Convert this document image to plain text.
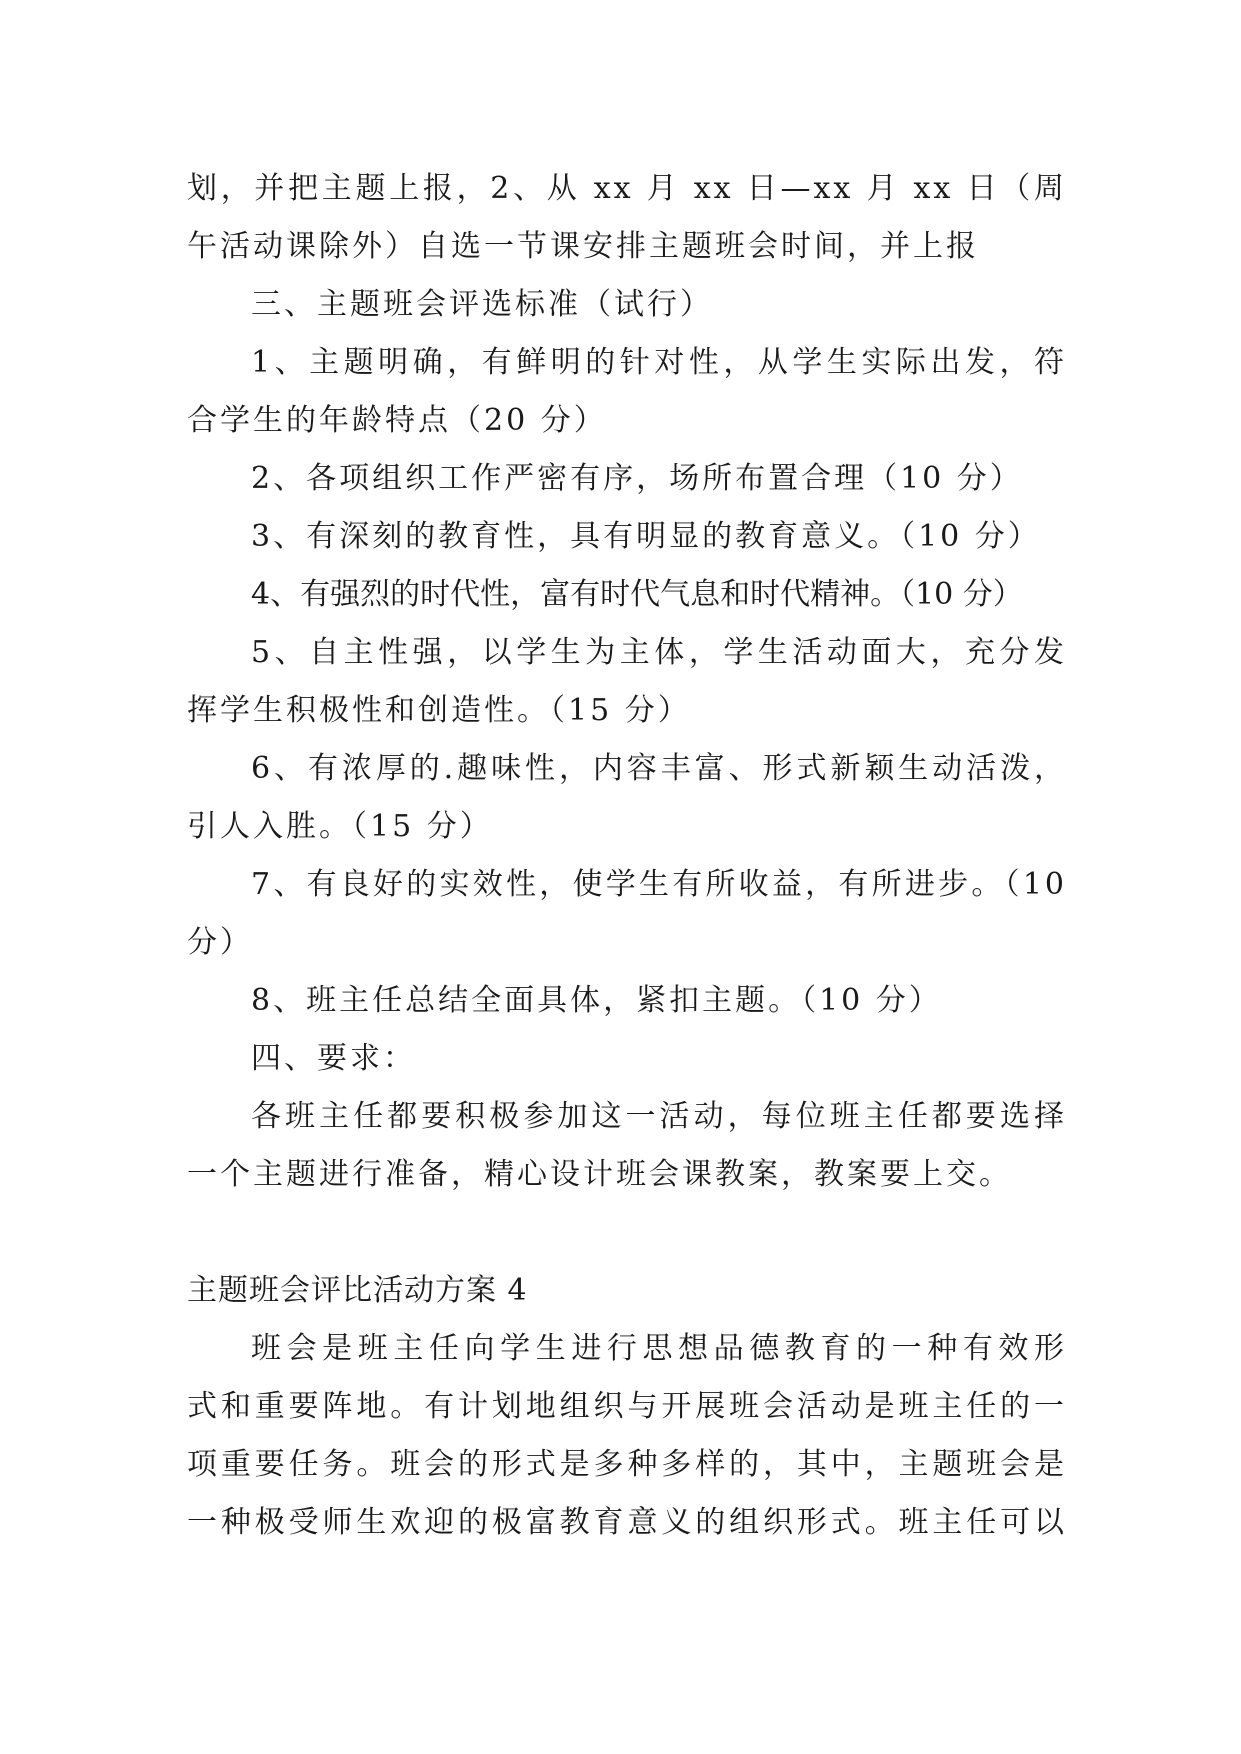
划，并把主题上报，2、从 xx 月 xx 日—xx 月 xx 日（周
午活动课除外）自选一节课安排主题班会时间，并上报
三、主题班会评选标准（试行）
1、主题明确，有鲜明的针对性，从学生实际出发，符
合学生的年龄特点（20 分）
2、各项组织工作严密有序，场所布置合理（10 分）
3、有深刻的教育性，具有明显的教育意义。（10 分）
4、有强烈的时代性，富有时代气息和时代精神。（10 分）
5、自主性强，以学生为主体，学生活动面大，充分发
挥学生积极性和创造性。（15 分）
6、有浓厚的.趣味性，内容丰富、形式新颖生动活泼，
引人入胜。（15 分）
7、有良好的实效性，使学生有所收益，有所进步。（10
分）
8、班主任总结全面具体，紧扣主题。（10 分）
四、要求：
各班主任都要积极参加这一活动，每位班主任都要选择
一个主题进行准备，精心设计班会课教案，教案要上交。
主题班会评比活动方案 4
班会是班主任向学生进行思想品德教育的一种有效形
式和重要阵地。有计划地组织与开展班会活动是班主任的一
项重要任务。班会的形式是多种多样的，其中，主题班会是
一种极受师生欢迎的极富教育意义的组织形式。班主任可以
